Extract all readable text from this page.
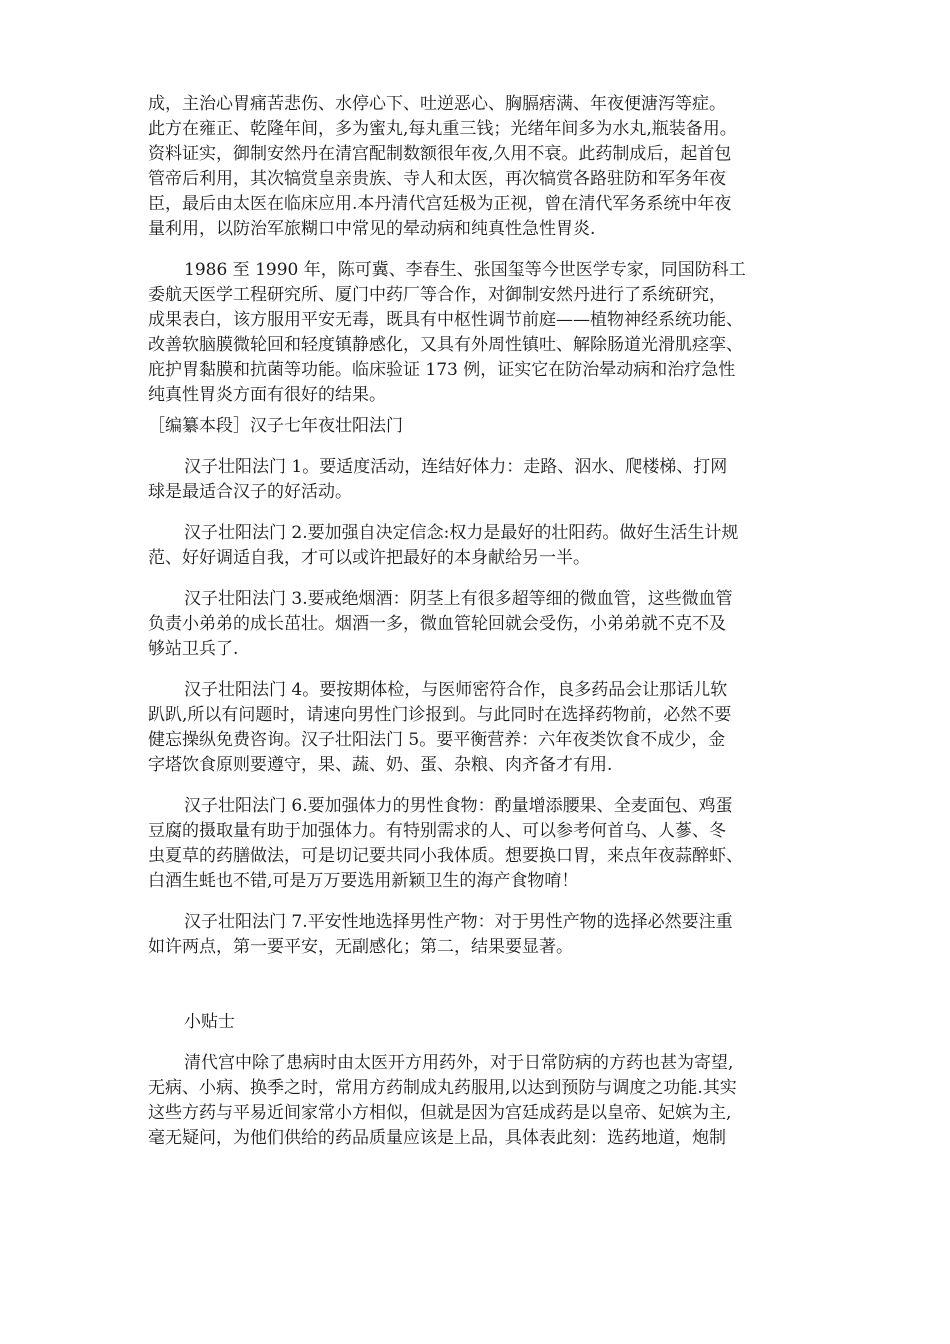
成，主治心胃痛苦悲伤、水停心下、吐逆恶心、胸膈痞满、年夜便溏泻等症。
此方在雍正、乾隆年间，多为蜜丸,每丸重三钱；光绪年间多为水丸,瓶装备用。
资料证实，御制安然丹在清宫配制数额很年夜,久用不衰。此药制成后，起首包
管帝后利用，其次犒赏皇亲贵族、寺人和太医，再次犒赏各路驻防和军务年夜
臣，最后由太医在临床应用.本丹清代宫廷极为正视，曾在清代军务系统中年夜
量利用，以防治军旅糊口中常见的晕动病和纯真性急性胃炎.
1986 至 1990 年，陈可冀、李春生、张国玺等今世医学专家，同国防科工
委航天医学工程研究所、厦门中药厂等合作，对御制安然丹进行了系统研究，
成果表白，该方服用平安无毒，既具有中枢性调节前庭——植物神经系统功能、
改善软脑膜微轮回和轻度镇静感化，又具有外周性镇吐、解除肠道光滑肌痉挛、
庇护胃黏膜和抗菌等功能。临床验证 173 例，证实它在防治晕动病和治疗急性
纯真性胃炎方面有很好的结果。

［编纂本段］汉子七年夜壮阳法门

汉子壮阳法门 1。要适度活动，连结好体力：走路、泅水、爬楼梯、打网
球是最适合汉子的好活动。
汉子壮阳法门 2.要加强自决定信念:权力是最好的壮阳药。做好生活生计规
范、好好调适自我，才可以或许把最好的本身献给另一半。
汉子壮阳法门 3.要戒绝烟酒：阴茎上有很多超等细的微血管，这些微血管
负责小弟弟的成长茁壮。烟酒一多，微血管轮回就会受伤，小弟弟就不克不及
够站卫兵了.
汉子壮阳法门 4。要按期体检，与医师密符合作，良多药品会让那话儿软
趴趴,所以有问题时，请速向男性门诊报到。与此同时在选择药物前，必然不要
健忘操纵免费咨询。汉子壮阳法门 5。要平衡营养：六年夜类饮食不成少，金
字塔饮食原则要遵守，果、蔬、奶、蛋、杂粮、肉齐备才有用.
汉子壮阳法门 6.要加强体力的男性食物：酌量增添腰果、全麦面包、鸡蛋
豆腐的摄取量有助于加强体力。有特别需求的人、可以参考何首乌、人蔘、冬
虫夏草的药膳做法，可是切记要共同小我体质。想要换口胃，来点年夜蒜醉虾、
白酒生蚝也不错,可是万万要选用新颖卫生的海产食物唷！
汉子壮阳法门 7.平安性地选择男性产物：对于男性产物的选择必然要注重
如许两点，第一要平安，无副感化；第二，结果要显著。
小贴士
清代宫中除了患病时由太医开方用药外，对于日常防病的方药也甚为寄望,
无病、小病、换季之时，常用方药制成丸药服用,以达到预防与调度之功能.其实
这些方药与平易近间家常小方相似，但就是因为宫廷成药是以皇帝、妃嫔为主,
毫无疑问，为他们供给的药品质量应该是上品，具体表此刻：选药地道，炮制
